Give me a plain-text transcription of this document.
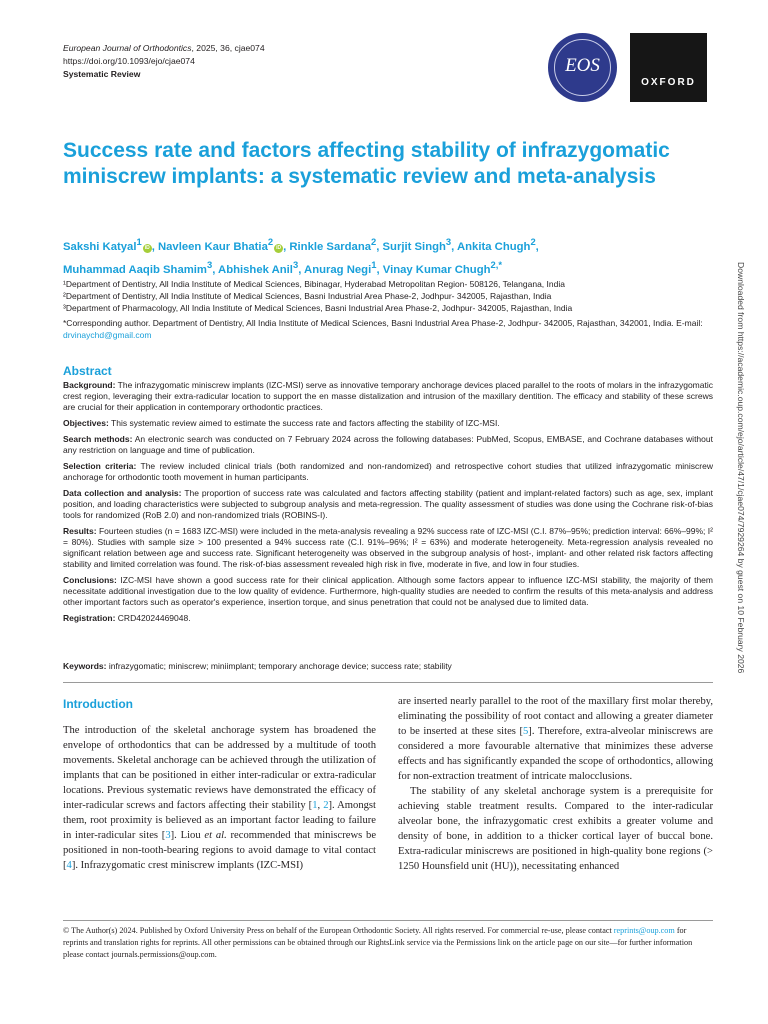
European Journal of Orthodontics, 2025, 36, cjae074
https://doi.org/10.1093/ejo/cjae074
Systematic Review	EOS
OXFORD
Success rate and factors affecting stability of infrazygomatic miniscrew implants: a systematic review and meta-analysis
Sakshi Katyal$^1$iD , Navleen Kaur Bhatia$^2$iD , Rinkle Sardana$^2$, Surjit Singh$^3$, Ankita Chugh$^2$,
Muhammad Aaqib Shamim$^3$, Abhishek Anil$^3$, Anurag Negi$^1$, Vinay Kumar Chugh$^{2,*}$
¹Department of Dentistry, All India Institute of Medical Sciences, Bibinagar, Hyderabad Metropolitan Region- 508126, Telangana, India
²Department of Dentistry, All India Institute of Medical Sciences, Basni Industrial Area Phase-2, Jodhpur- 342005, Rajasthan, India
³Department of Pharmacology, All India Institute of Medical Sciences, Basni Industrial Area Phase-2, Jodhpur- 342005, Rajasthan, India
*Corresponding author. Department of Dentistry, All India Institute of Medical Sciences, Basni Industrial Area Phase-2, Jodhpur- 342005, Rajasthan, 342001, India. E-mail: drvinaychd@gmail.com
Abstract

Background: The infrazygomatic miniscrew implants (IZC-MSI) serve as innovative temporary anchorage devices placed parallel to the roots of molars in the infrazygomatic crest region, leveraging their extra-radicular location to support the en masse distalization and intrusion of the maxillary dentition. The efficacy and stability of these screws are crucial for their application in contemporary orthodontic practices.

Objectives: This systematic review aimed to estimate the success rate and factors affecting the stability of IZC-MSI.

Search methods: An electronic search was conducted on 7 February 2024 across the following databases: PubMed, Scopus, EMBASE, and Cochrane databases without any restriction on language and time of publication.

Selection criteria: The review included clinical trials (both randomized and non-randomized) and retrospective cohort studies that utilized infrazygomatic miniscrew anchorage for orthodontic tooth movement in human participants.

Data collection and analysis: The proportion of success rate was calculated and factors affecting stability (patient and implant-related factors) such as age, sex, implant position, and loading characteristics were subjected to subgroup analysis and meta-regression. The quality assessment of studies was done using the Cochrane risk-of-bias tools for randomized (RoB 2.0) and non-randomized trials (ROBINS-I).

Results: Fourteen studies (n = 1683 IZC-MSI) were included in the meta-analysis revealing a 92% success rate of IZC-MSI (C.I. 87%–95%; prediction interval: 66%–99%; I² = 80%). Studies with sample size > 100 presented a 94% success rate (C.I. 91%–96%; I² = 63%) and moderate heterogeneity. Meta-regression analysis revealed no significant relation between age and success rate. Significant heterogeneity was observed in the subgroup analysis of host-, implant- and other related risk factors affecting stability and limited correlation was found. The risk-of-bias assessment revealed high risk in five, moderate in five, and low in four studies.

Conclusions: IZC-MSI have shown a good success rate for their clinical application. Although some factors appear to influence IZC-MSI stability, the majority of them necessitate additional investigation due to the low quality of evidence. Furthermore, high-quality studies are needed to confirm the results of this meta-analysis and address other important factors such as operator's experience, insertion torque, and sinus penetration that could not be analysed due to limited data.

Registration: CRD42024469048.

Keywords: infrazygomatic; miniscrew; miniimplant; temporary anchorage device; success rate; stability
Introduction

The introduction of the skeletal anchorage system has broadened the envelope of orthodontics that can be addressed by a multitude of tooth movements. Skeletal anchorage can be achieved through the utilization of implants that can be positioned in either inter-radicular or extra-radicular locations. Previous systematic reviews have demonstrated the efficacy of inter-radicular screws and factors affecting their stability [1, 2]. Amongst them, root proximity is believed as an important factor leading to failure in inter-radicular sites [3]. Liou et al. recommended that miniscrews be positioned in non-tooth-bearing regions to avoid damage to vital contact [4]. Infrazygomatic crest miniscrew implants (IZC-MSI)

are inserted nearly parallel to the root of the maxillary first molar thereby, eliminating the possibility of root contact and allowing a greater diameter to be inserted at these sites [5]. Therefore, extra-alveolar miniscrews are considered a more favourable alternative that minimizes these adverse effects and has significantly expanded the scope of orthodontics, allowing for non-extraction treatment of intricate malocclusions.

The stability of any skeletal anchorage system is a prerequisite for achieving stable treatment results. Compared to the inter-radicular alveolar bone, the infrazygomatic crest exhibits a greater volume and density of bone, in addition to a thicker cortical layer of buccal bone. Extra-radicular miniscrews are positioned in high-quality bone regions (> 1250 Hounsfield unit (HU)), necessitating enhanced

© The Author(s) 2024. Published by Oxford University Press on behalf of the European Orthodontic Society. All rights reserved. For commercial re-use, please contact reprints@oup.com for reprints and translation rights for reprints. All other permissions can be obtained through our RightsLink service via the Permissions link on the article page on our site—for further information please contact journals.permissions@oup.com.
Downloaded from https://academic.oup.com/ejo/article/47/1/cjae074/7929264 by guest on 10 February 2026
